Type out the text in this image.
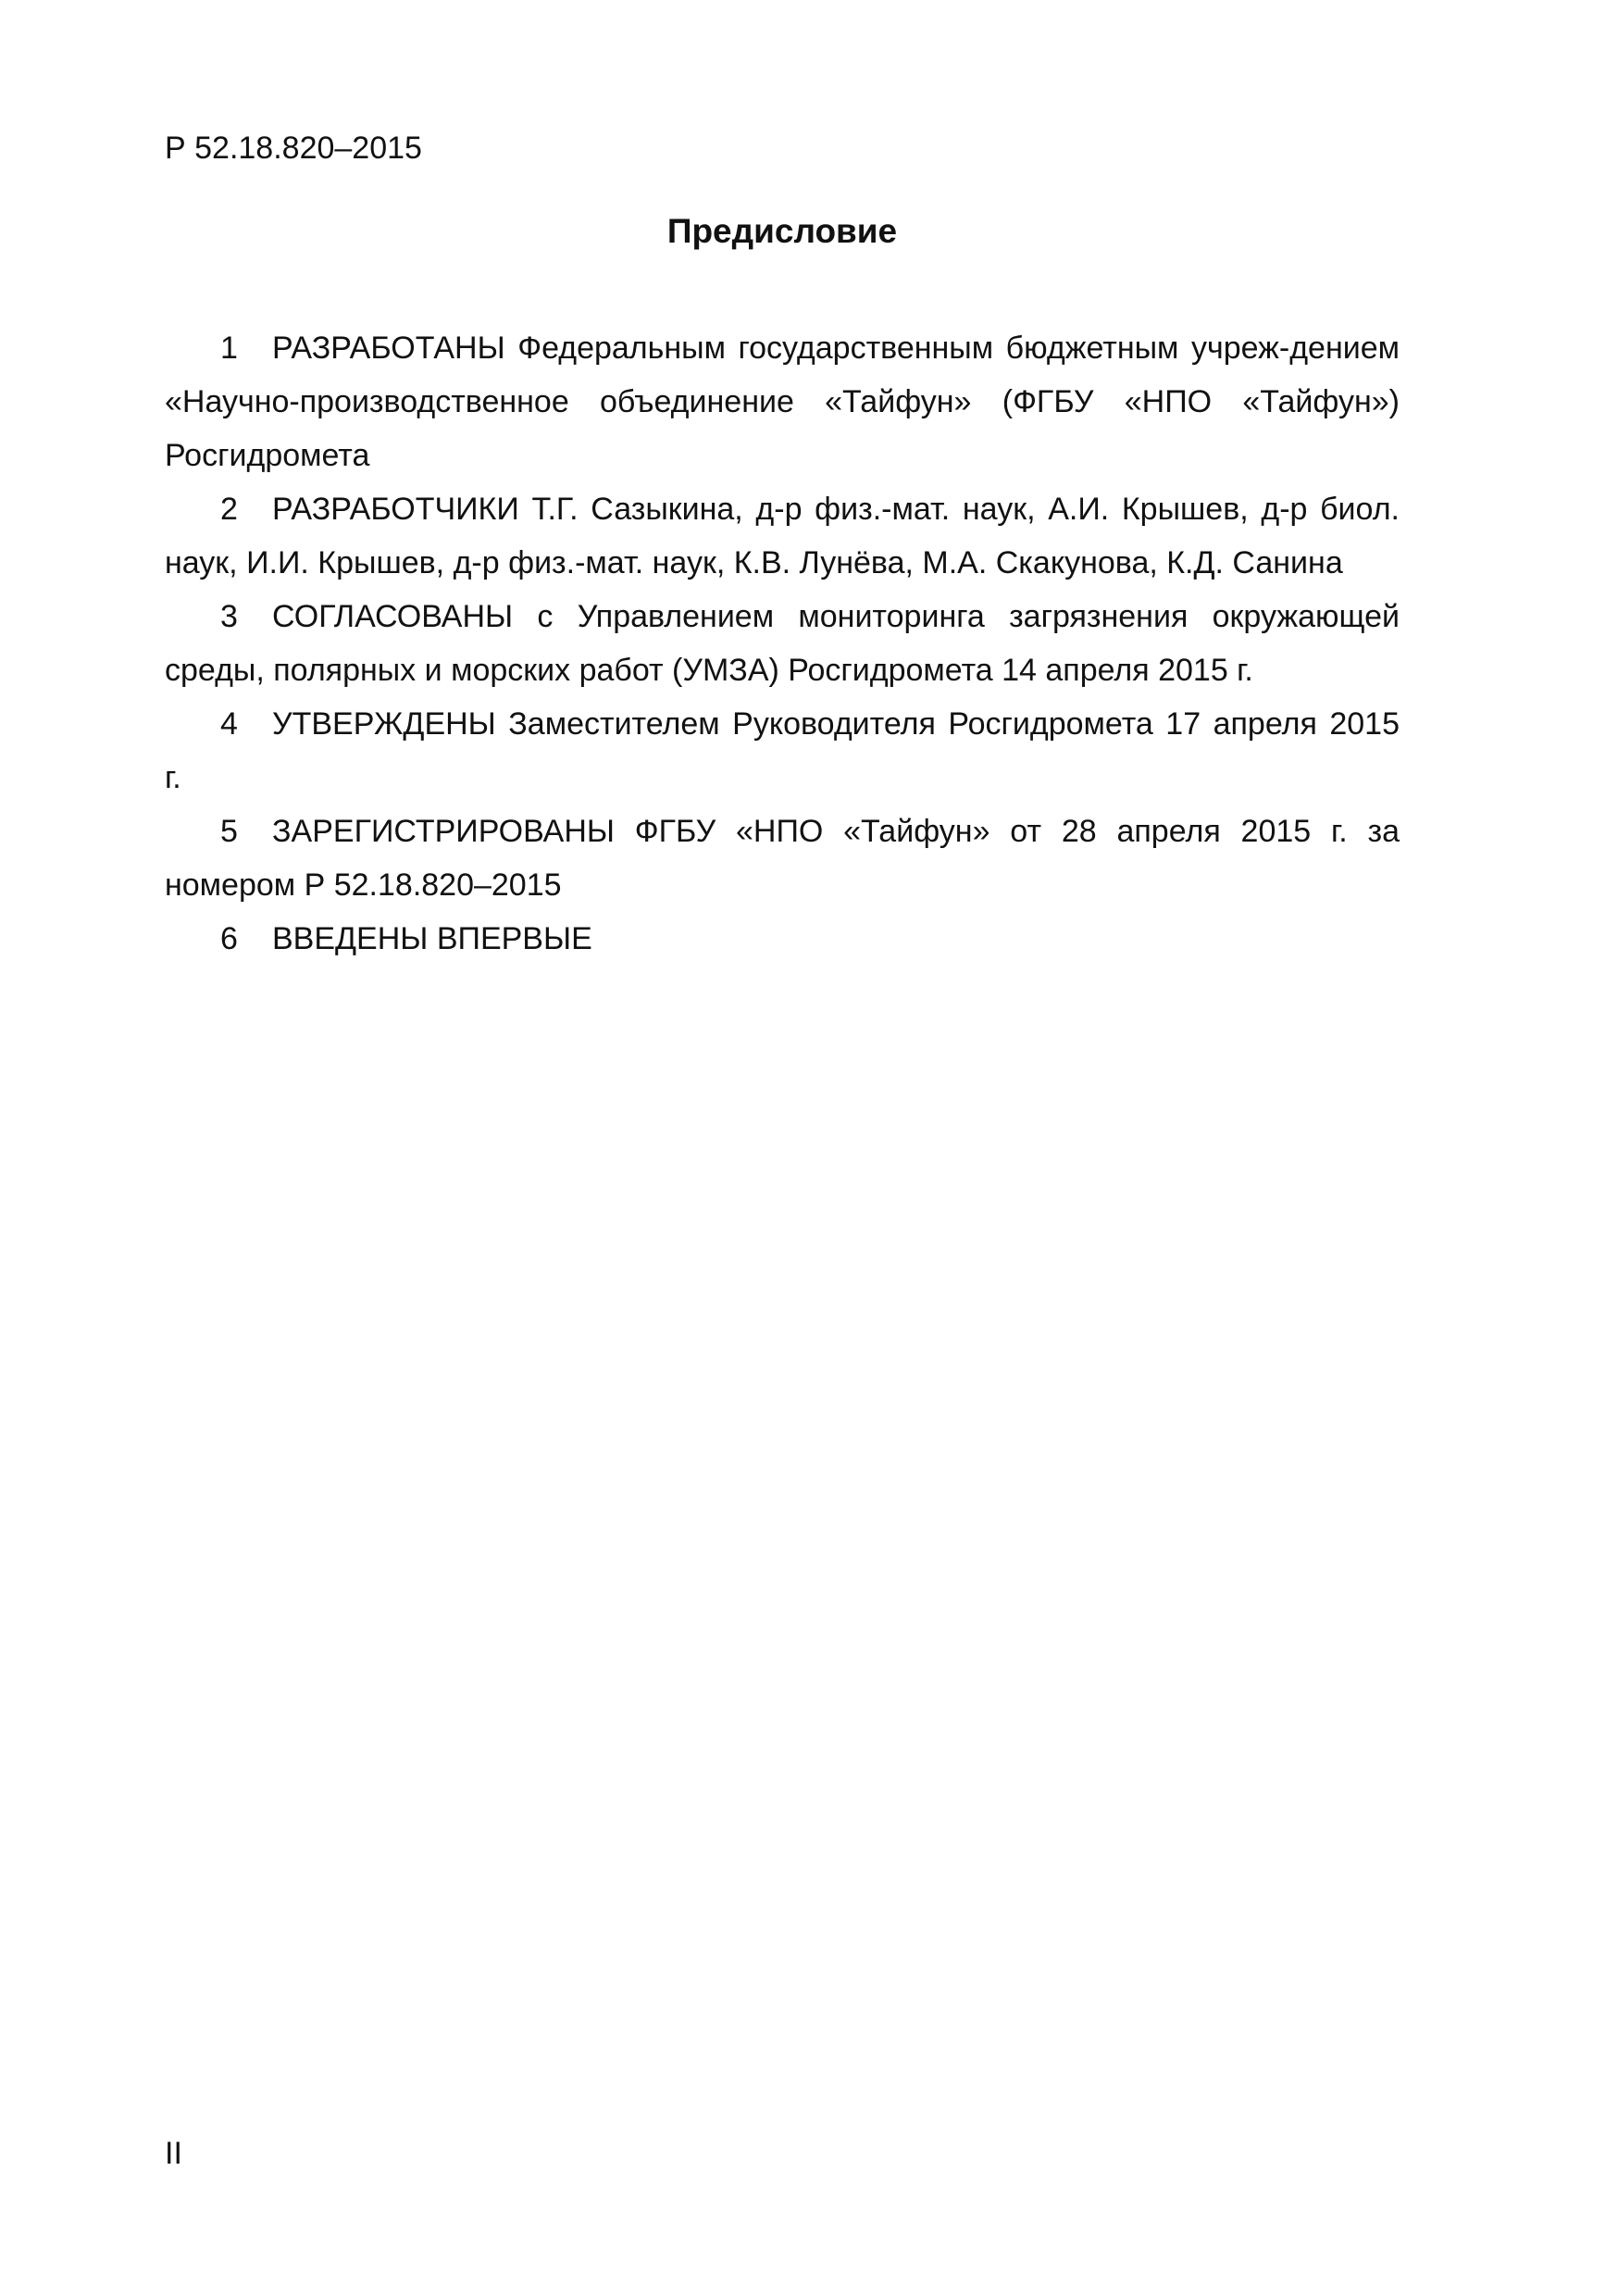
Р 52.18.820–2015
Предисловие

1 РАЗРАБОТАНЫ Федеральным государственным бюджетным учреж-дением «Научно-производственное объединение «Тайфун» (ФГБУ «НПО «Тайфун») Росгидромета

2 РАЗРАБОТЧИКИ Т.Г. Сазыкина, д-р физ.-мат. наук, А.И. Крышев, д-р биол. наук, И.И. Крышев, д-р физ.-мат. наук, К.В. Лунёва, М.А. Скакунова, К.Д. Санина

3 СОГЛАСОВАНЫ с Управлением мониторинга загрязнения окружающей среды, полярных и морских работ (УМЗА) Росгидромета 14 апреля 2015 г.

4 УТВЕРЖДЕНЫ Заместителем Руководителя Росгидромета 17 апреля 2015 г.

5 ЗАРЕГИСТРИРОВАНЫ ФГБУ «НПО «Тайфун» от 28 апреля 2015 г. за номером Р 52.18.820–2015

6 ВВЕДЕНЫ ВПЕРВЫЕ

II
